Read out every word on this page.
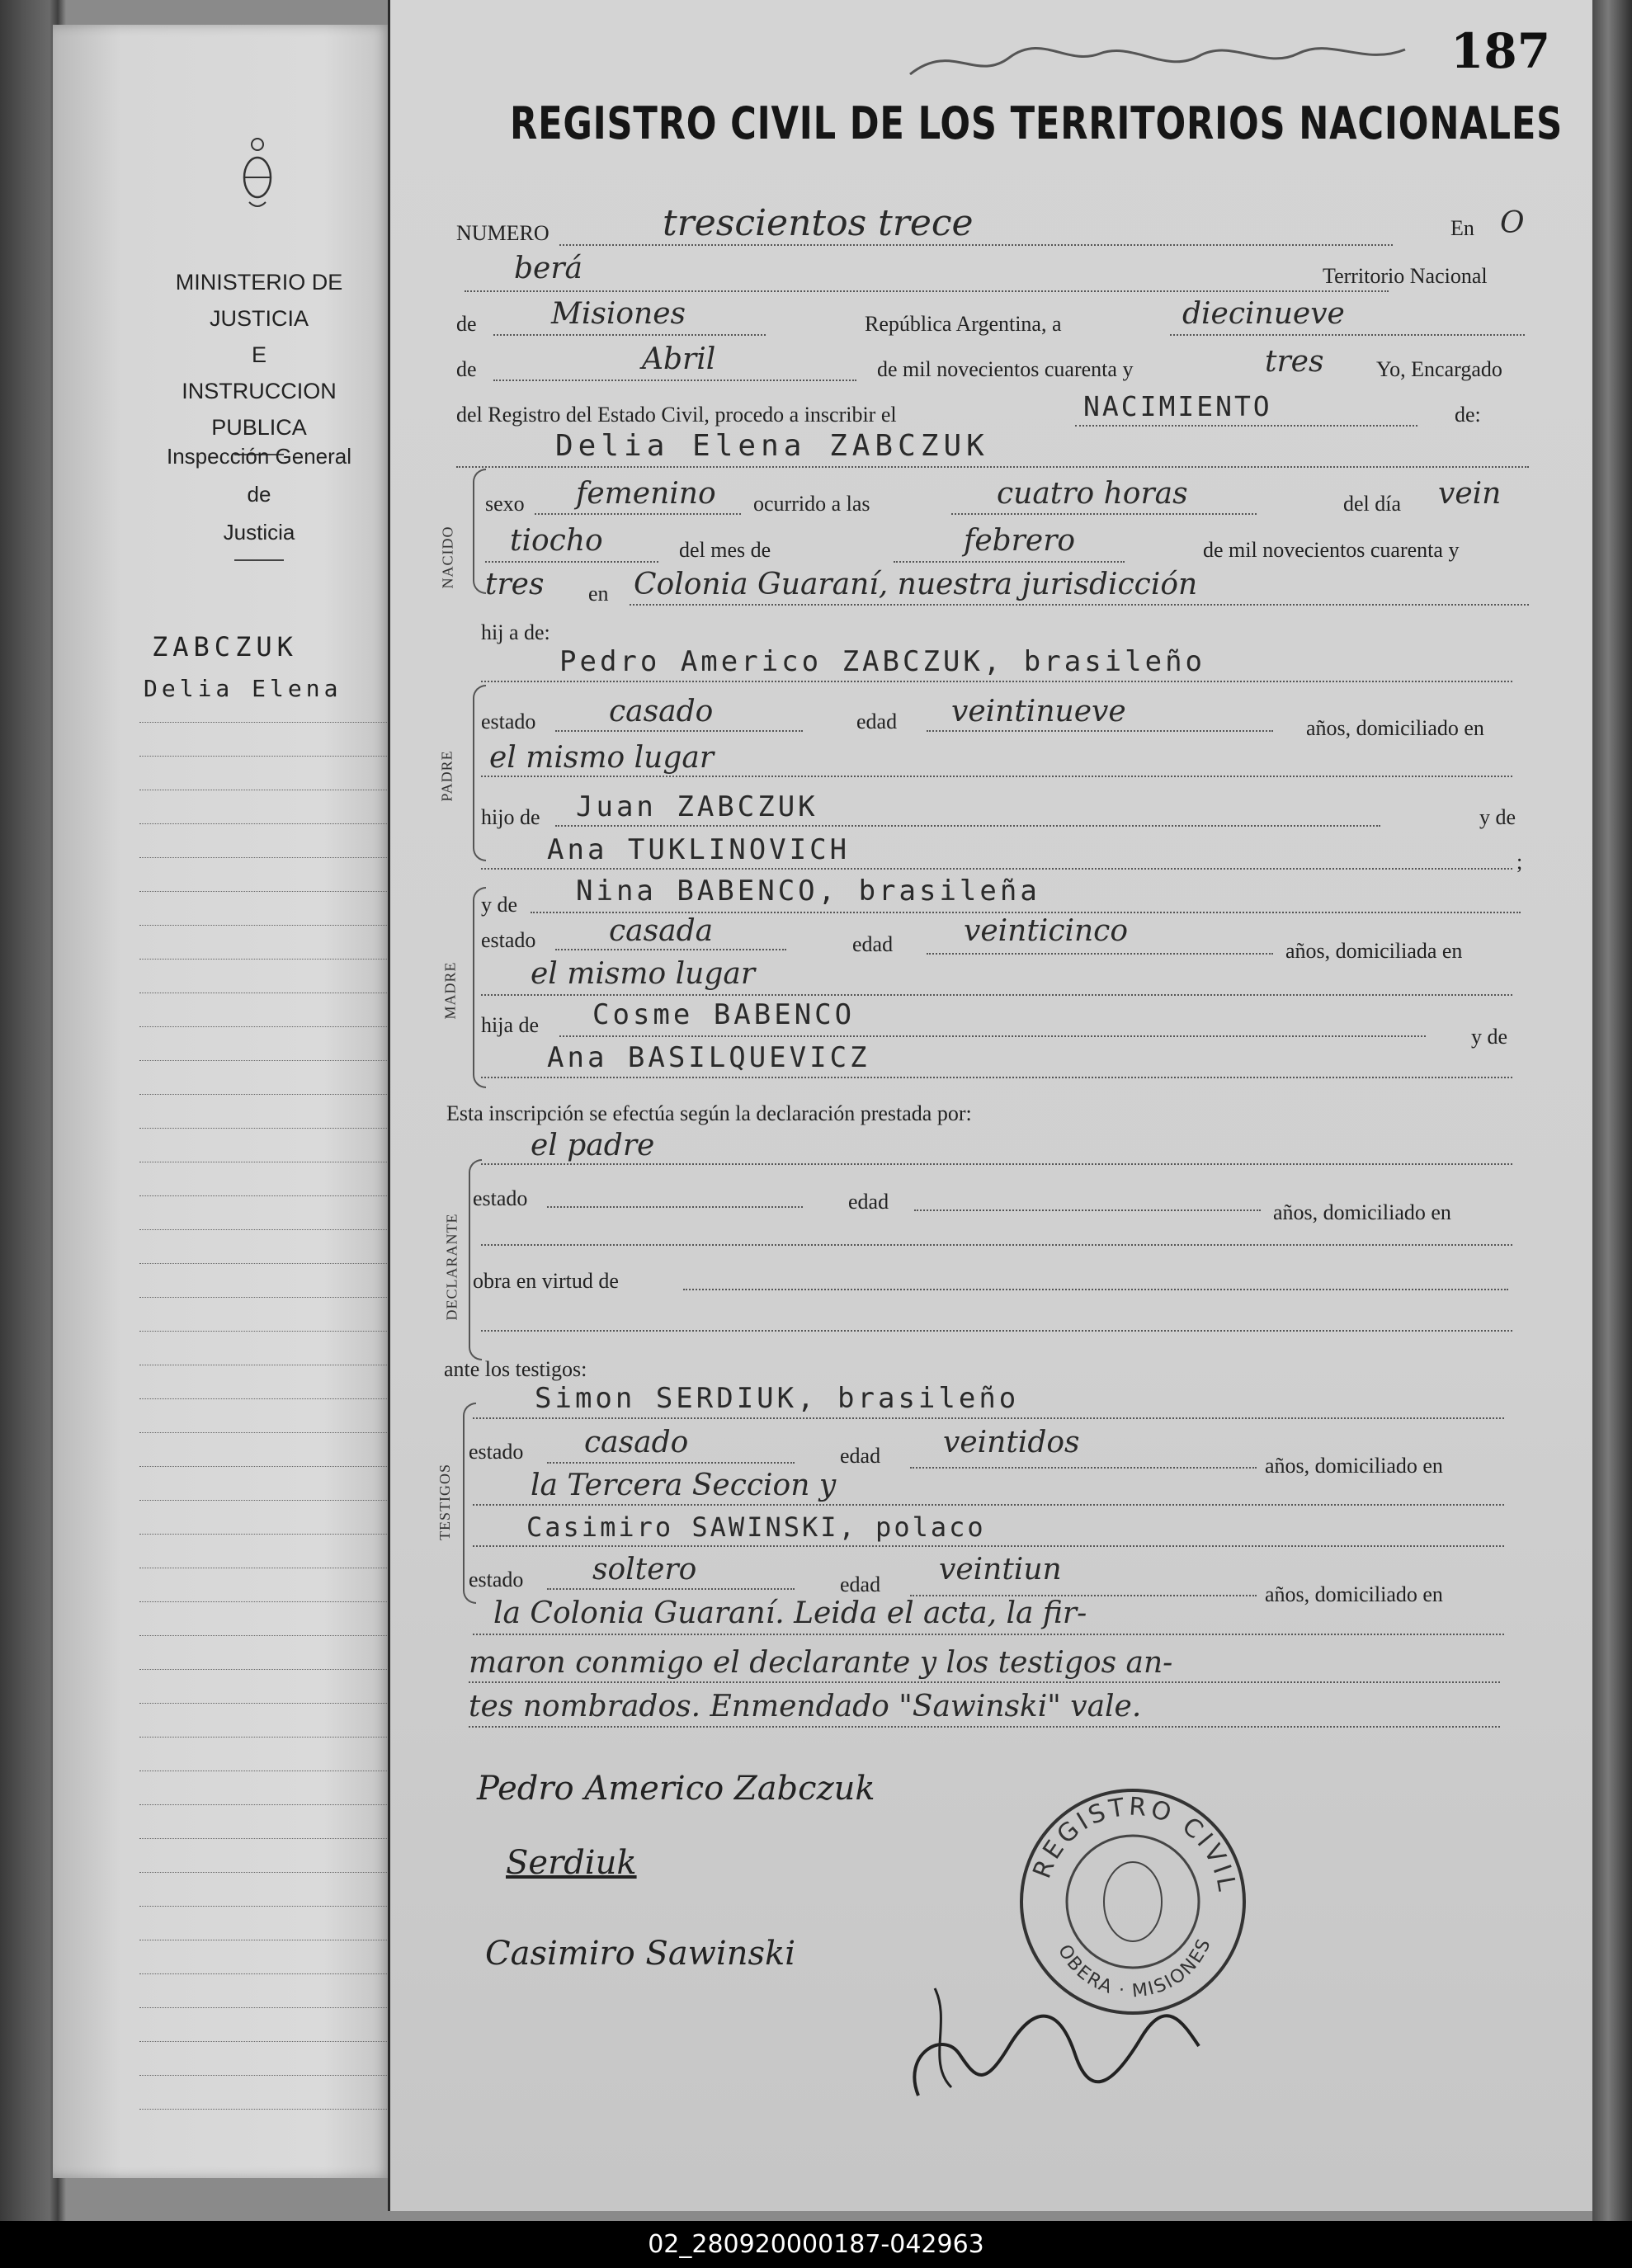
MINISTERIO DE JUSTICIA
E
INSTRUCCION PUBLICA
Inspección General
de
Justicia
ZABCZUK
Delia Elena
187
REGISTRO CIVIL DE LOS TERRITORIOS NACIONALES
NUMERO	trescientos trece	En O
berá	Territorio Nacional
de	Misiones	República Argentina, a	diecinueve
de	Abril	de mil novecientos cuarenta y	tres Yo, Encargado
del Registro del Estado Civil, procedo a inscribir el	NACIMIENTO	de:
Delia Elena ZABCZUK
NACIDO
sexo femenino ocurrido a las	cuatro horas	del día vein
tiocho	del mes de	febrero	de mil novecientos cuarenta y
tres en Colonia Guaraní, nuestra jurisdicción
hij a de:
Pedro Americo ZABCZUK, brasileño
PADRE
estado casado	edad veintinueve	años, domiciliado en
el mismo lugar
hijo de Juan ZABCZUK	y de
Ana TUKLINOVICH	;
y de Nina BABENCO, brasileña
MADRE
estado casada	edad veinticinco
años, domiciliada en
el mismo lugar
hija de Cosme BABENCO
y de
Ana BASILQUEVICZ
Esta inscripción se efectúa según la declaración prestada por:
el padre
DECLARANTE
estado	edad	años, domiciliado en
obra en virtud de
ante los testigos:
Simon SERDIUK, brasileño
TESTIGOS
estado casado	edad veintidos
años, domiciliado en
la Tercera Seccion y
Casimiro SAWINSKI, polaco
estado soltero	edad veintiun
años, domiciliado en
la Colonia Guaraní. Leida el acta, la fir-
maron conmigo el declarante y los testigos an-
tes nombrados. Enmendado "Sawinski" vale.
Pedro Americo Zabczuk
Serdiuk
Casimiro Sawinski
REGISTRO CIVIL
OBERA · MISIONES
02_280920000187-042963
